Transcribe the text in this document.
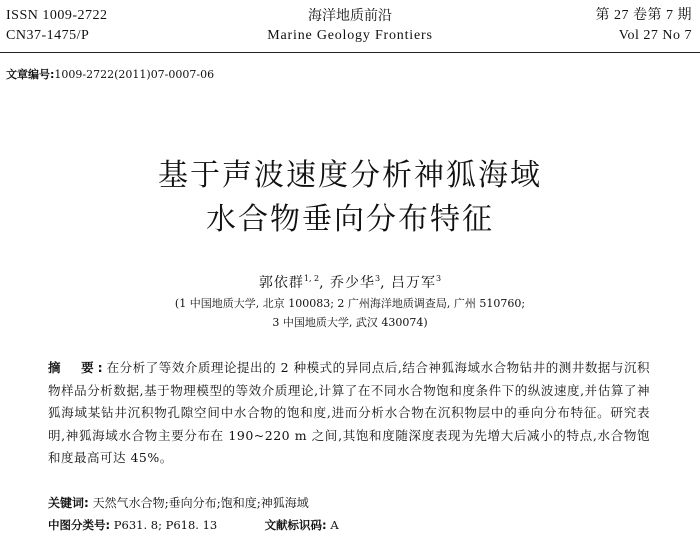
ISSN 1009-2722
CN37-1475/P
海洋地质前沿
Marine Geology Frontiers
第 27 卷第 7 期
Vol 27 No 7
文章编号:1009-2722(2011)07-0007-06
基于声波速度分析神狐海域
水合物垂向分布特征
郭依群$^{1, 2}$, 乔少华$^3$, 吕万军$^3$
(1 中国地质大学, 北京 100083; 2 广州海洋地质调查局, 广州 510760;
3 中国地质大学, 武汉 430074)
摘　要:在分析了等效介质理论提出的 2 种模式的异同点后,结合神狐海域水合物钻井的测井数据与沉积物样品分析数据,基于物理模型的等效介质理论,计算了在不同水合物饱和度条件下的纵波速度,并估算了神狐海域某钻井沉积物孔隙空间中水合物的饱和度,进而分析水合物在沉积物层中的垂向分布特征。研究表明,神狐海域水合物主要分布在 190~220 m 之间,其饱和度随深度表现为先增大后减小的特点,水合物饱和度最高可达 45%。
关键词: 天然气水合物;垂向分布;饱和度;神狐海域
中图分类号: P631. 8; P618. 13	文献标识码: A
